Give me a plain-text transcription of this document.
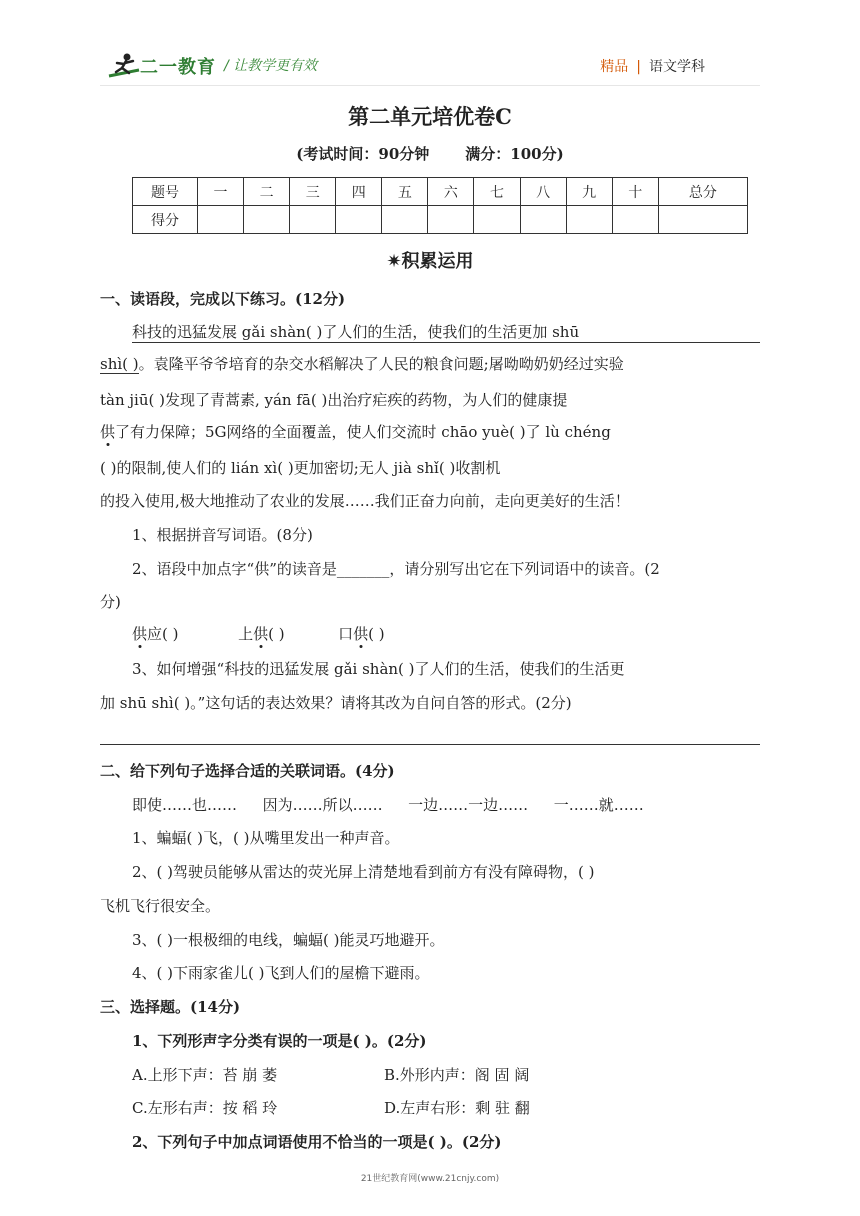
二一教育 / 让教学更有效	精品 | 语文学科
第二单元培优卷C
(考试时间：90分钟 满分：100分)
题号	一	二	三	四	五	六	七	八	九	十	总分
得分											
✷积累运用
一、读语段，完成以下练习。(12分)
科技的迅猛发展 gǎi shàn( )了人们的生活，使我们的生活更加 shū
shì( )。袁隆平爷爷培育的杂交水稻解决了人民的粮食问题;屠呦呦奶奶经过实验
tàn jiū( )发现了青蒿素, yán fā( )出治疗疟疾的药物，为人们的健康提
供了有力保障；5G网络的全面覆盖，使人们交流时 chāo yuè( )了 lù chéng
( )的限制,使人们的 lián xì( )更加密切;无人 jià shǐ( )收割机
的投入使用,极大地推动了农业的发展……我们正奋力向前，走向更美好的生活！
1、根据拼音写词语。(8分)
2、语段中加点字“供”的读音是_______，请分别写出它在下列词语中的读音。(2
分)
供应( )	上供( )	口供( )
3、如何增强“科技的迅猛发展 gǎi shàn( )了人们的生活，使我们的生活更
加 shū shì( )。”这句话的表达效果？请将其改为自问自答的形式。(2分)
二、给下列句子选择合适的关联词语。(4分)
即使……也…… 因为……所以…… 一边……一边…… 一……就……
1、蝙蝠( )飞，( )从嘴里发出一种声音。
2、( )驾驶员能够从雷达的荧光屏上清楚地看到前方有没有障碍物，( )
飞机飞行很安全。
3、( )一根极细的电线，蝙蝠( )能灵巧地避开。
4、( )下雨家雀儿( )飞到人们的屋檐下避雨。
三、选择题。(14分)
1、下列形声字分类有误的一项是( )。(2分)
A.上形下声：苔 崩 萎	B.外形内声：阁 固 阔
C.左形右声：按 稻 玲	D.左声右形：剩 驻 翻
2、下列句子中加点词语使用不恰当的一项是( )。(2分)
21世纪教育网(www.21cnjy.com)
